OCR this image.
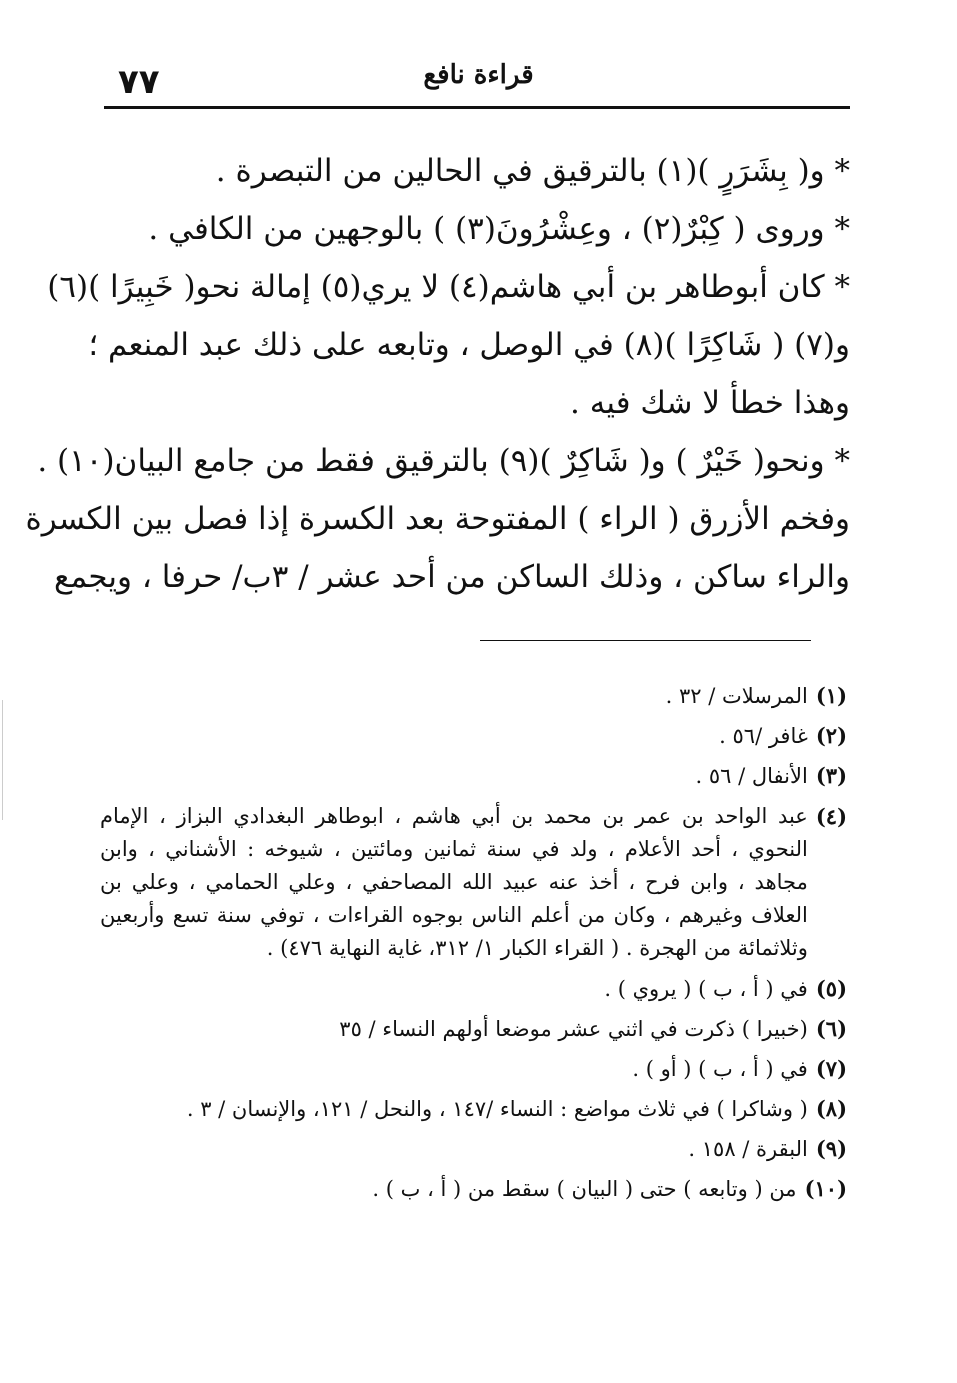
٧٧	قراءة نافع
* و( بِشَرَرٍ )(١) بالترقيق في الحالين من التبصرة .
* وروى ( كِبْرٌ(٢) ، وعِشْرُونَ(٣) ) بالوجهين من الكافي .
* كان أبوطاهر بن أبي هاشم(٤) لا يري(٥) إمالة نحو( خَبِيرًا )(٦)
و(٧) ( شَاكِرًا )(٨) في الوصل ، وتابعه على ذلك عبد المنعم ؛
وهذا خطأ لا شك فيه .
* ونحو( خَيْرٌ ) و( شَاكِرٌ )(٩) بالترقيق فقط من جامع البيان(١٠) .
وفخم الأزرق ( الراء ) المفتوحة بعد الكسرة إذا فصل بين الكسرة
والراء ساكن ، وذلك الساكن من أحد عشر / ٣ب/ حرفا ، ويجمع
(١)
المرسلات / ٣٢ .
(٢)
غافر /٥٦ .
(٣)
الأنفال / ٥٦ .
(٤)
عبد الواحد بن عمر بن محمد بن أبي هاشم ، ابوطاهر البغدادي البزاز ، الإمام النحوي ، أحد الأعلام ، ولد في سنة ثمانين ومائتين ، شيوخه : الأشناني ، وابن مجاهد ، وابن فرح ، أخذ عنه عبيد الله المصاحفي ، وعلي الحمامي ، وعلي بن العلاف وغيرهم ، وكان من أعلم الناس بوجوه القراءات ، توفي سنة تسع وأربعين وثلاثمائة من الهجرة . ( القراء الكبار ١/ ٣١٢، غاية النهاية ٤٧٦) .
(٥)
في ( أ ، ب ) ( يروي ) .
(٦)
(خبيرا ) ذكرت في اثني عشر موضعا أولهم النساء / ٣٥
(٧)
في ( أ ، ب ) ( أو ) .
(٨)
( وشاكرا ) في ثلاث مواضع : النساء /١٤٧ ، والنحل / ١٢١، والإنسان / ٣ .
(٩)
البقرة / ١٥٨ .
(١٠)
من ( وتابعه ) حتى ( البيان ) سقط من ( أ ، ب ) .
